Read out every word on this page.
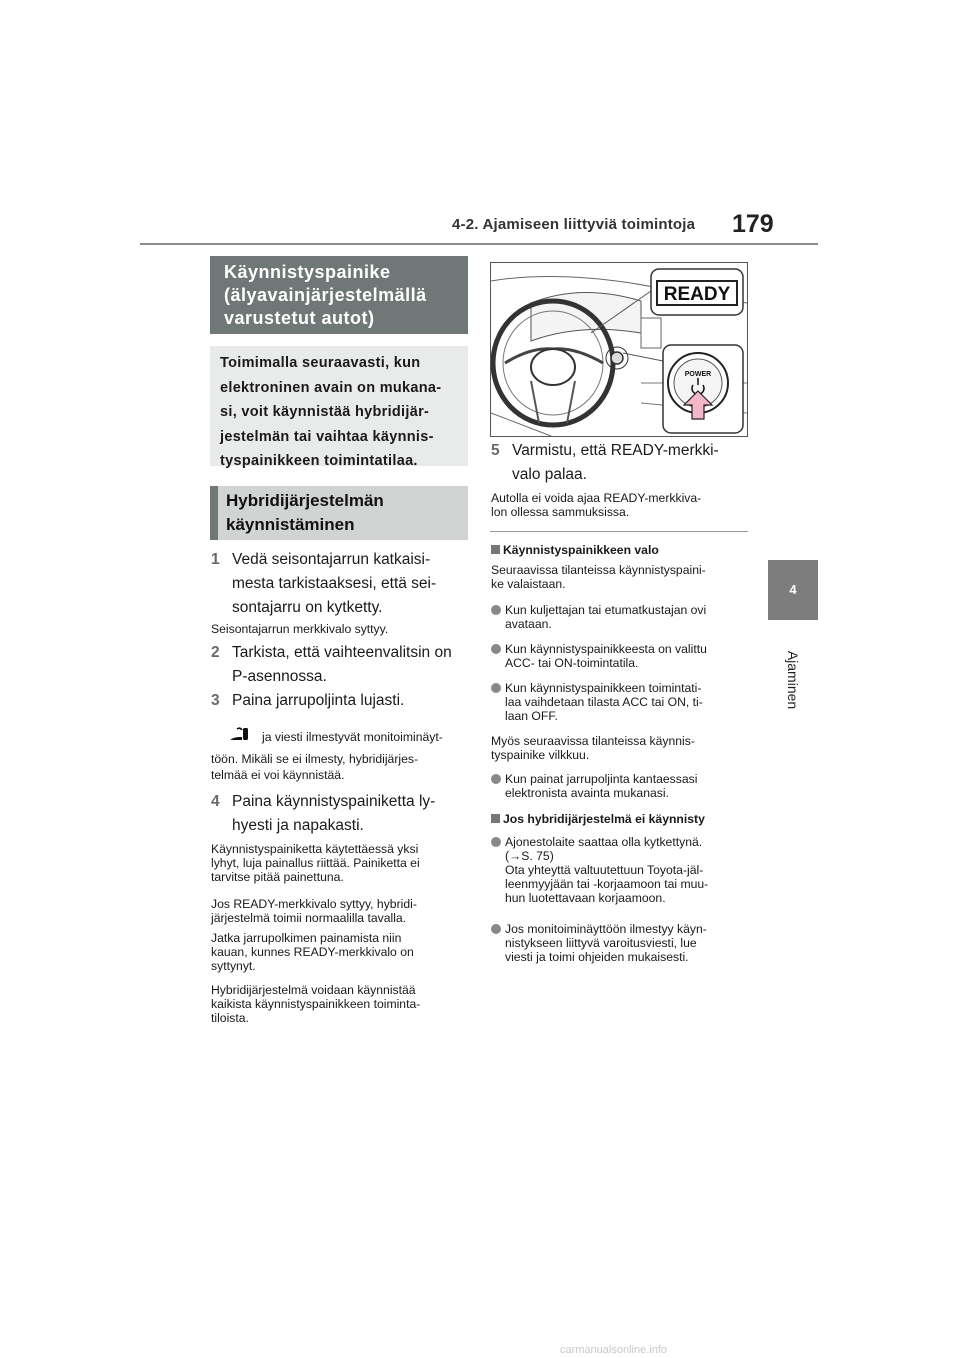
4-2. Ajamiseen liittyviä toimintoja 179
4
Ajaminen
Käynnistyspainike
(älyavainjärjestelmällä
varustetut autot)
Toimimalla seuraavasti, kun
elektroninen avain on mukana-
si, voit käynnistää hybridijär-
jestelmän tai vaihtaa käynnis-
tyspainikkeen toimintatilaa.
Hybridijärjestelmän
käynnistäminen
1 Vedä seisontajarrun katkaisi-
mesta tarkistaaksesi, että sei-
sontajarru on kytketty.
Seisontajarrun merkkivalo syttyy.
2 Tarkista, että vaihteenvalitsin on
P-asennossa.
3 Paina jarrupoljinta lujasti.
ja viesti ilmestyvät monitoiminäyt-
töön. Mikäli se ei ilmesty, hybridijärjes-
telmää ei voi käynnistää.
4 Paina käynnistyspainiketta ly-
hyesti ja napakasti.
Käynnistyspainiketta käytettäessä yksi
lyhyt, luja painallus riittää. Painiketta ei
tarvitse pitää painettuna.
Jos READY-merkkivalo syttyy, hybridi-
järjestelmä toimii normaalilla tavalla.
Jatka jarrupolkimen painamista niin
kauan, kunnes READY-merkkivalo on
syttynyt.
Hybridijärjestelmä voidaan käynnistää
kaikista käynnistyspainikkeen toiminta-
tiloista.
READY
POWER
5 Varmistu, että READY-merkki-
valo palaa.
Autolla ei voida ajaa READY-merkkiva-
lon ollessa sammuksissa.
Käynnistyspainikkeen valo
Seuraavissa tilanteissa käynnistyspaini-
ke valaistaan.
Kun kuljettajan tai etumatkustajan ovi
avataan.
Kun käynnistyspainikkeesta on valittu
ACC- tai ON-toimintatila.
Kun käynnistyspainikkeen toimintati-
laa vaihdetaan tilasta ACC tai ON, ti-
laan OFF.
Myös seuraavissa tilanteissa käynnis-
tyspainike vilkkuu.
Kun painat jarrupoljinta kantaessasi
elektronista avainta mukanasi.
Jos hybridijärjestelmä ei käynnisty
Ajonestolaite saattaa olla kytkettynä.
(→S. 75)
Ota yhteyttä valtuutettuun Toyota-jäl-
leenmyyjään tai -korjaamoon tai muu-
hun luotettavaan korjaamoon.
Jos monitoiminäyttöön ilmestyy käyn-
nistykseen liittyvä varoitusviesti, lue
viesti ja toimi ohjeiden mukaisesti.
carmanualsonline.info
